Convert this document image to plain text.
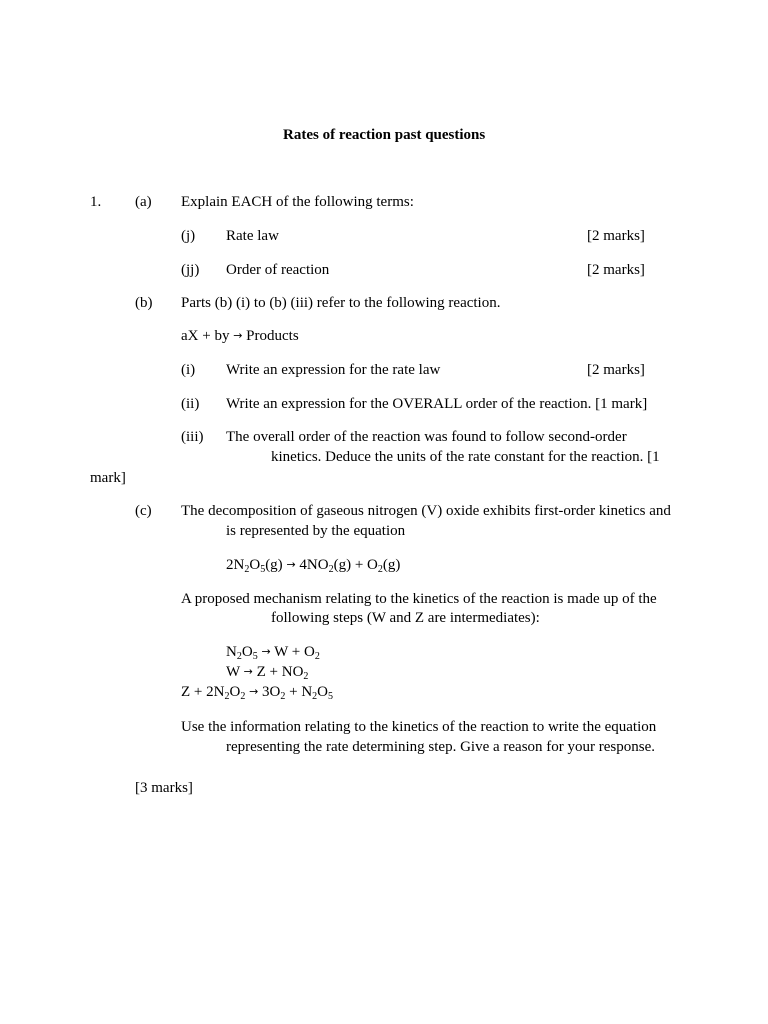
Rates of reaction past questions
1. (a) Explain EACH of the following terms:
(j) Rate law	[2 marks]
(jj) Order of reaction	[2 marks]
(b) Parts (b) (i) to (b) (iii) refer to the following reaction.
aX + by → Products
(i) Write an expression for the rate law	[2 marks]
(ii) Write an expression for the OVERALL order of the reaction. [1 mark]
(iii) The overall order of the reaction was found to follow second-order
kinetics. Deduce the units of the rate constant for the reaction. [1
mark]
(c) The decomposition of gaseous nitrogen (V) oxide exhibits first-order kinetics and
is represented by the equation
$2N_2O_5(g) \to 4NO_2(g) + O_2(g)$
A proposed mechanism relating to the kinetics of the reaction is made up of the
following steps (W and Z are intermediates):
$N_2O_5 \to W + O_2$
$W \to Z + NO_2$
$Z + 2N_2O_2 \to 3O_2 + N_2O_5$
Use the information relating to the kinetics of the reaction to write the equation
representing the rate determining step. Give a reason for your response.
[3 marks]
